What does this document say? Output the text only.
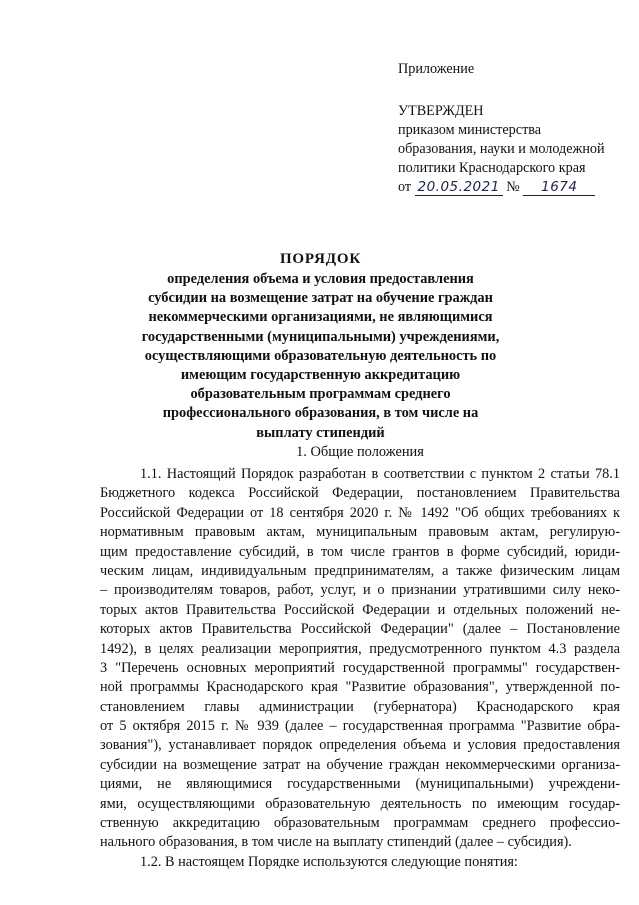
Приложение
УТВЕРЖДЕН
приказом министерства
образования, науки и молодежной
политики Краснодарского края
от 20.05.2021 № 1674
ПОРЯДОК
определения объема и условия предоставления
субсидии на возмещение затрат на обучение граждан
некоммерческими организациями, не являющимися
государственными (муниципальными) учреждениями,
осуществляющими образовательную деятельность по
имеющим государственную аккредитацию
образовательным программам среднего
профессионального образования, в том числе на
выплату стипендий
1. Общие положения
1.1. Настоящий Порядок разработан в соответствии с пунктом 2 статьи 78.1
Бюджетного кодекса Российской Федерации, постановлением Правительства
Российской Федерации от 18 сентября 2020 г. № 1492 "Об общих требованиях к
нормативным правовым актам, муниципальным правовым актам, регулирую-
щим предоставление субсидий, в том числе грантов в форме субсидий, юриди-
ческим лицам, индивидуальным предпринимателям, а также физическим лицам
– производителям товаров, работ, услуг, и о признании утратившими силу неко-
торых актов Правительства Российской Федерации и отдельных положений не-
которых актов Правительства Российской Федерации" (далее – Постановление
1492), в целях реализации мероприятия, предусмотренного пунктом 4.3 раздела
3 "Перечень основных мероприятий государственной программы" государствен-
ной программы Краснодарского края "Развитие образования", утвержденной по-
становлением главы администрации (губернатора) Краснодарского края
от 5 октября 2015 г. № 939 (далее – государственная программа "Развитие обра-
зования"), устанавливает порядок определения объема и условия предоставления
субсидии на возмещение затрат на обучение граждан некоммерческими организа-
циями, не являющимися государственными (муниципальными) учреждени-
ями, осуществляющими образовательную деятельность по имеющим государ-
ственную аккредитацию образовательным программам среднего профессио-
нального образования, в том числе на выплату стипендий (далее – субсидия).
1.2. В настоящем Порядке используются следующие понятия:
